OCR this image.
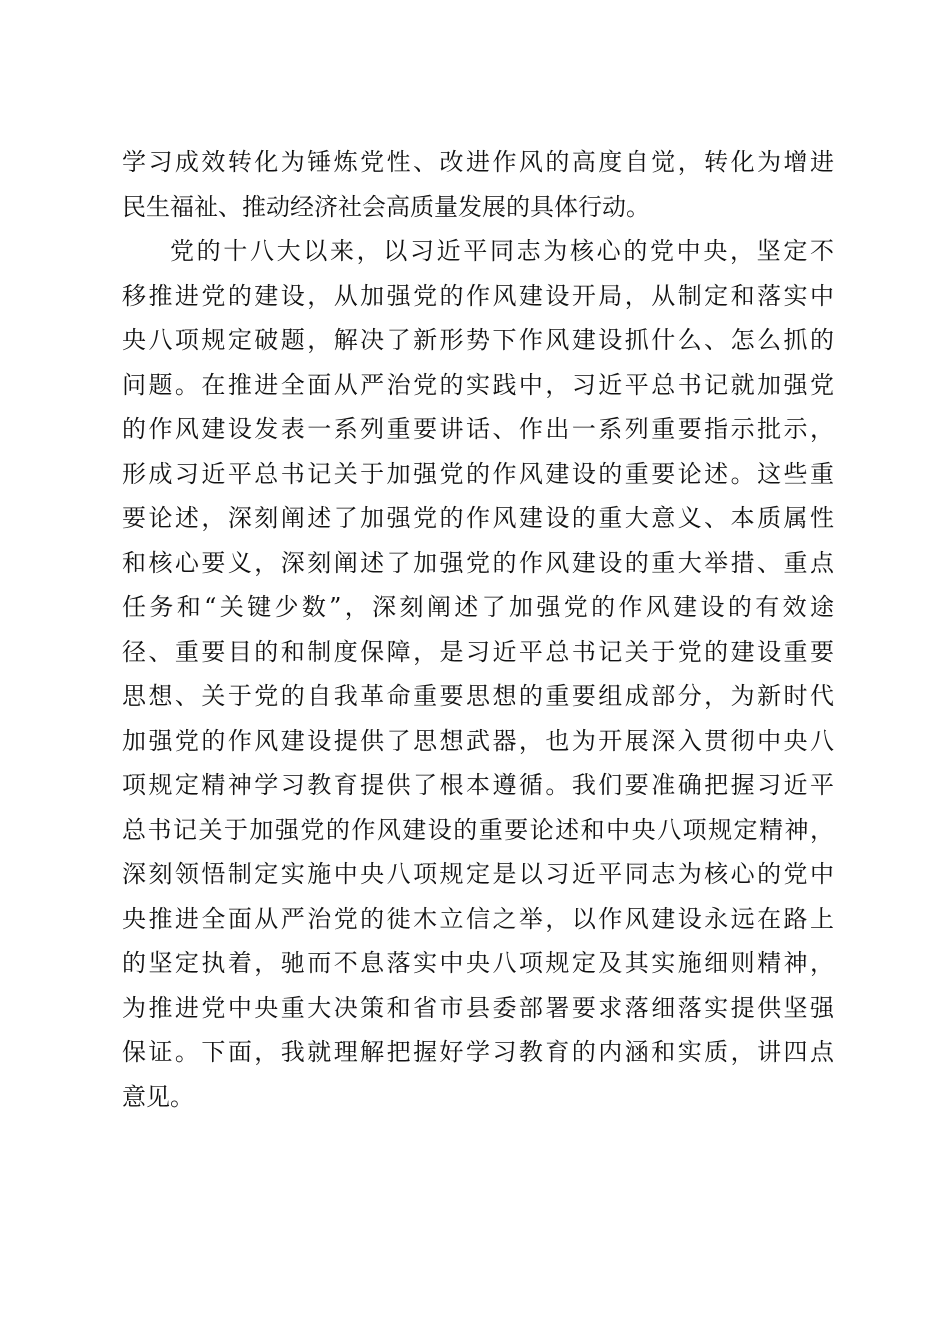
学习成效转化为锤炼党性、改进作风的高度自觉，转化为增进
民生福祉、推动经济社会高质量发展的具体行动。
党的十八大以来，以习近平同志为核心的党中央，坚定不
移推进党的建设，从加强党的作风建设开局，从制定和落实中
央八项规定破题，解决了新形势下作风建设抓什么、怎么抓的
问题。在推进全面从严治党的实践中，习近平总书记就加强党
的作风建设发表一系列重要讲话、作出一系列重要指示批示，
形成习近平总书记关于加强党的作风建设的重要论述。这些重
要论述，深刻阐述了加强党的作风建设的重大意义、本质属性
和核心要义，深刻阐述了加强党的作风建设的重大举措、重点
任务和“关键少数”，深刻阐述了加强党的作风建设的有效途
径、重要目的和制度保障，是习近平总书记关于党的建设重要
思想、关于党的自我革命重要思想的重要组成部分，为新时代
加强党的作风建设提供了思想武器，也为开展深入贯彻中央八
项规定精神学习教育提供了根本遵循。我们要准确把握习近平
总书记关于加强党的作风建设的重要论述和中央八项规定精神，
深刻领悟制定实施中央八项规定是以习近平同志为核心的党中
央推进全面从严治党的徙木立信之举，以作风建设永远在路上
的坚定执着，驰而不息落实中央八项规定及其实施细则精神，
为推进党中央重大决策和省市县委部署要求落细落实提供坚强
保证。下面，我就理解把握好学习教育的内涵和实质，讲四点
意见。
